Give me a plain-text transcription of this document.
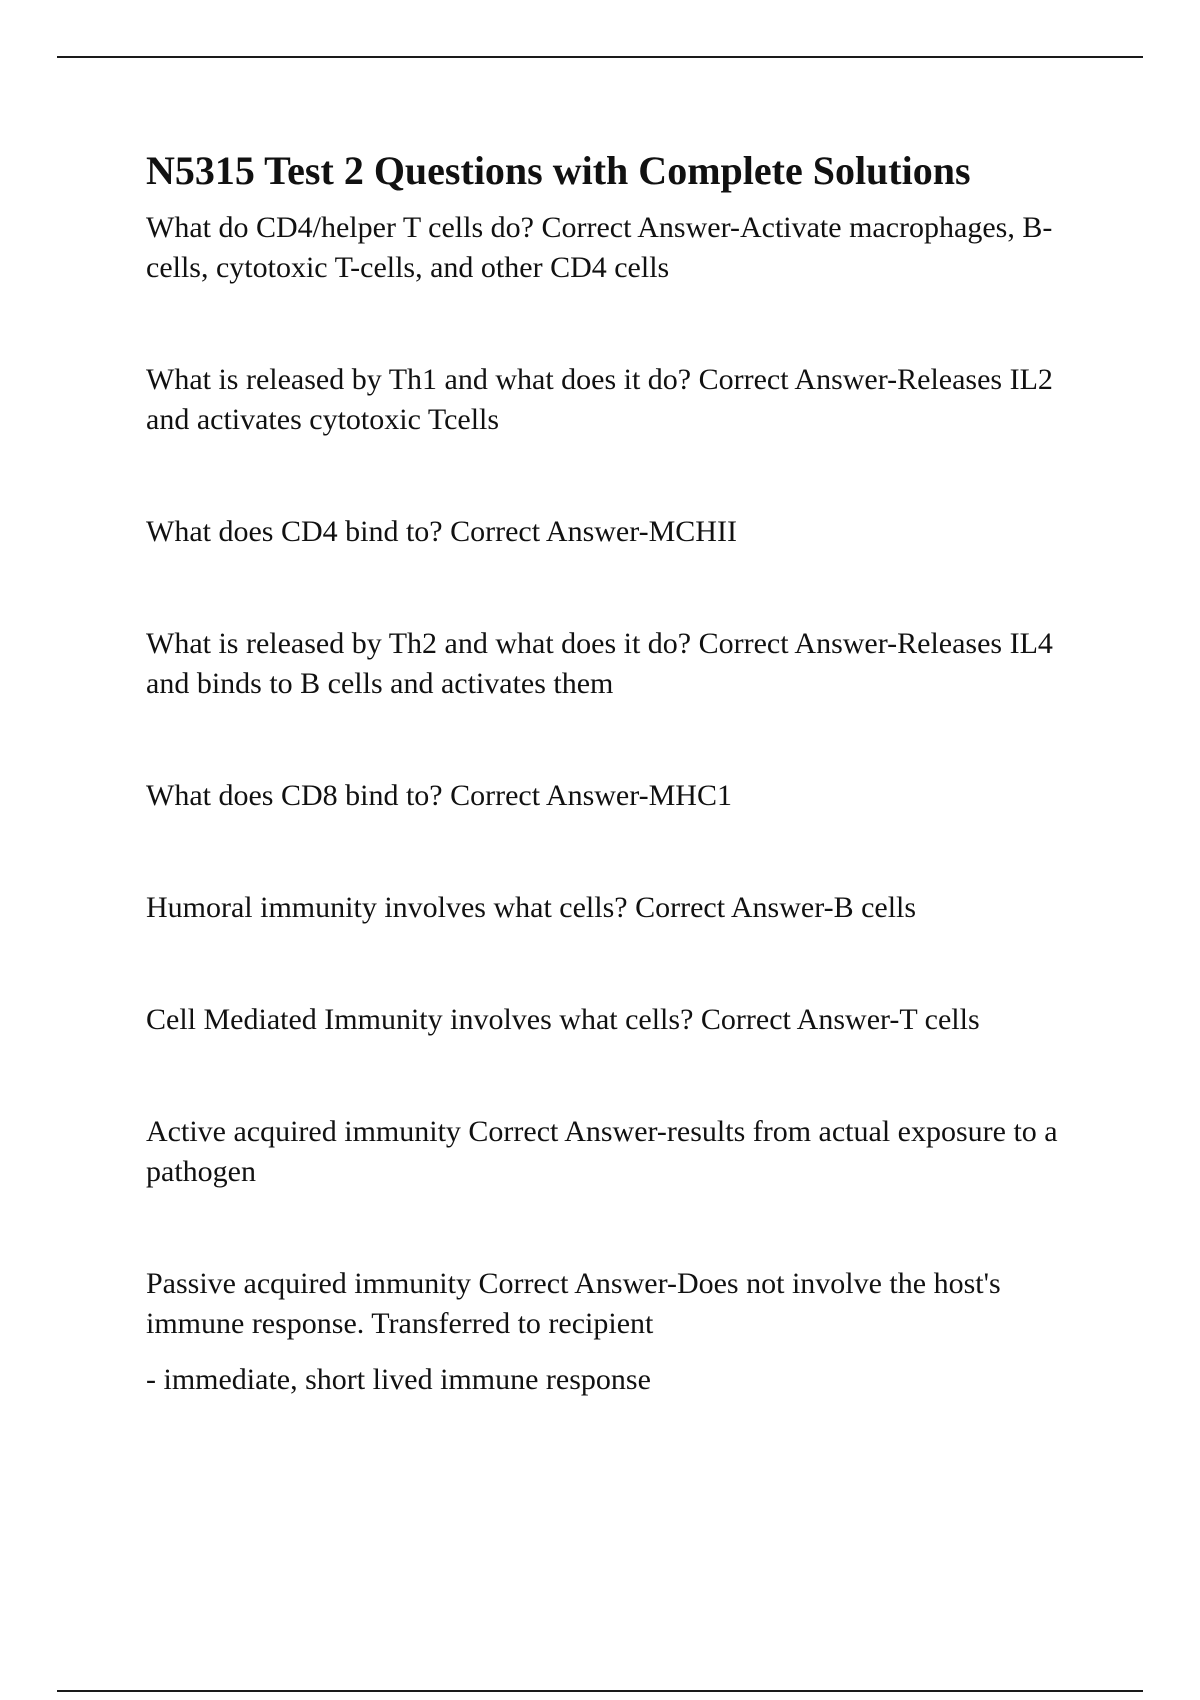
N5315 Test 2 Questions with Complete Solutions

What do CD4/helper T cells do? Correct Answer-Activate macrophages, B-cells, cytotoxic T-cells, and other CD4 cells

What is released by Th1 and what does it do? Correct Answer-Releases IL2 and activates cytotoxic Tcells

What does CD4 bind to? Correct Answer-MCHII

What is released by Th2 and what does it do? Correct Answer-Releases IL4 and binds to B cells and activates them

What does CD8 bind to? Correct Answer-MHC1

Humoral immunity involves what cells? Correct Answer-B cells

Cell Mediated Immunity involves what cells? Correct Answer-T cells

Active acquired immunity Correct Answer-results from actual exposure to a pathogen

Passive acquired immunity Correct Answer-Does not involve the host's immune response. Transferred to recipient

- immediate, short lived immune response
